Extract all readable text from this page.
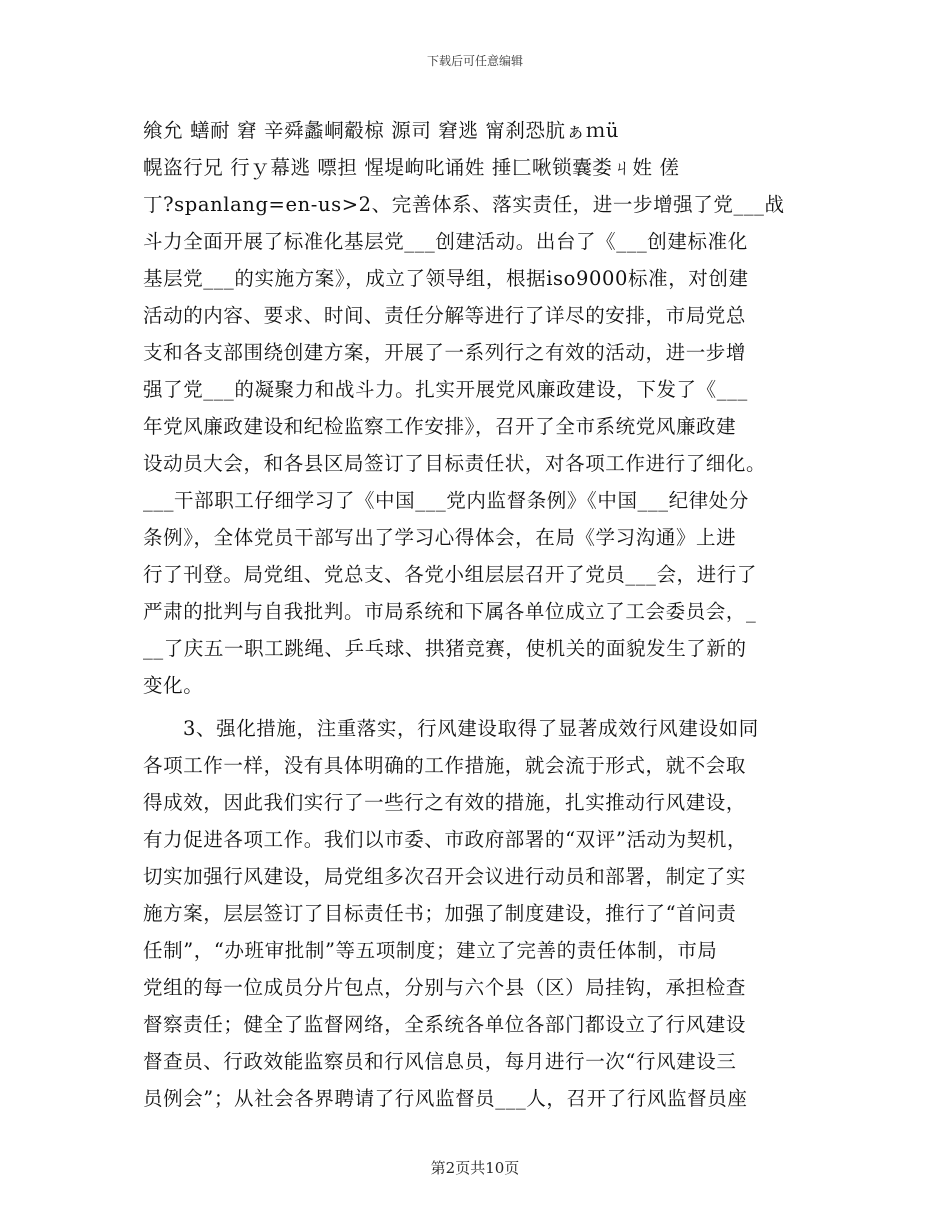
下载后可任意编辑
飨允 蟮耐 窘 辛舜蠡峒觳椋 源司 窘逃 甯刹恐肮ぁｍü
幌盗行兄 行ｙ幕逃 嘌担 惺堤岣叱诵姓 捶匚啾锁囊娄ㄐ姓 傞
丁?spanlang=en-us>2、完善体系、落实责任，进一步增强了党___战
斗力全面开展了标准化基层党___创建活动。出台了《___创建标准化
基层党___的实施方案》，成立了领导组，根据iso9000标准，对创建
活动的内容、要求、时间、责任分解等进行了详尽的安排，市局党总
支和各支部围绕创建方案，开展了一系列行之有效的活动，进一步增
强了党___的凝聚力和战斗力。扎实开展党风廉政建设，下发了《___
年党风廉政建设和纪检监察工作安排》，召开了全市系统党风廉政建
设动员大会，和各县区局签订了目标责任状，对各项工作进行了细化。
___干部职工仔细学习了《中国___党内监督条例》《中国___纪律处分
条例》，全体党员干部写出了学习心得体会，在局《学习沟通》上进
行了刊登。局党组、党总支、各党小组层层召开了党员___会，进行了
严肃的批判与自我批判。市局系统和下属各单位成立了工会委员会，_
__了庆五一职工跳绳、乒乓球、拱猪竞赛，使机关的面貌发生了新的
变化。
3、强化措施，注重落实，行风建设取得了显著成效行风建设如同
各项工作一样，没有具体明确的工作措施，就会流于形式，就不会取
得成效，因此我们实行了一些行之有效的措施，扎实推动行风建设，
有力促进各项工作。我们以市委、市政府部署的“双评”活动为契机，
切实加强行风建设，局党组多次召开会议进行动员和部署，制定了实
施方案，层层签订了目标责任书；加强了制度建设，推行了“首问责
任制”，“办班审批制”等五项制度；建立了完善的责任体制，市局
党组的每一位成员分片包点，分别与六个县（区）局挂钩，承担检查
督察责任；健全了监督网络，全系统各单位各部门都设立了行风建设
督查员、行政效能监察员和行风信息员，每月进行一次“行风建设三
员例会”；从社会各界聘请了行风监督员___人，召开了行风监督员座
第2页共10页
